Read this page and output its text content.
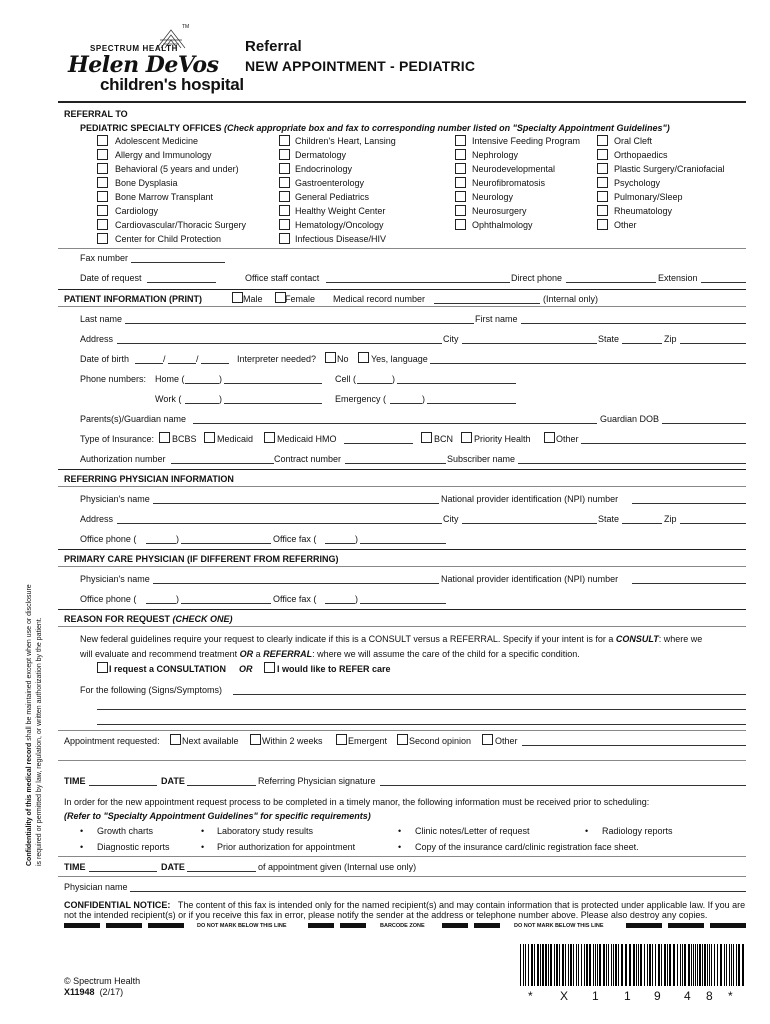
SPECTRUM HEALTH
Helen DeVos
children's hospital
TM
Referral
NEW APPOINTMENT - PEDIATRIC
Confidentiality of this medical record shall be maintained except when use or disclosure is required or permitted by law, regulation, or written authorization by the patient.
REFERRAL TO
PEDIATRIC SPECIALTY OFFICES (Check appropriate box and fax to corresponding number listed on "Specialty Appointment Guidelines")
Adolescent Medicine
Allergy and Immunology
Behavioral (5 years and under)
Bone Dysplasia
Bone Marrow Transplant
Cardiology
Cardiovascular/Thoracic Surgery
Center for Child Protection
Children's Heart, Lansing
Dermatology
Endocrinology
Gastroenterology
General Pediatrics
Healthy Weight Center
Hematology/Oncology
Infectious Disease/HIV
Intensive Feeding Program
Nephrology
Neurodevelopmental
Neurofibromatosis
Neurology
Neurosurgery
Ophthalmology
Oral Cleft
Orthopaedics
Plastic Surgery/Craniofacial
Psychology
Pulmonary/Sleep
Rheumatology
Other
Fax number
Date of request	Office staff contact	Direct phone	Extension
PATIENT INFORMATION (PRINT)	Male Female Medical record number	(Internal only)
Last name	First name
Address	City	State	Zip
Date of birth	/	/	Interpreter needed? No Yes, language
Phone numbers: Home (	)	Cell (	)
Work (	)	Emergency (	)
Parents(s)/Guardian name	Guardian DOB
Type of Insurance: BCBS Medicaid	Medicaid HMO	BCN Priority Health	Other
Authorization number	Contract number	Subscriber name
REFERRING PHYSICIAN INFORMATION
Physician's name	National provider identification (NPI) number
Address	City	State	Zip
Office phone (	)	Office fax (	)
PRIMARY CARE PHYSICIAN (IF DIFFERENT FROM REFERRING)
Physician's name	National provider identification (NPI) number
Office phone (	)	Office fax (	)
REASON FOR REQUEST (CHECK ONE)
New federal guidelines require your request to clearly indicate if this is a CONSULT versus a REFERRAL. Specify if your intent is for a CONSULT: where we
will evaluate and recommend treatment OR a REFERRAL: where we will assume the care of the child for a specific condition.
I request a CONSULTATION OR	I would like to REFER care
For the following (Signs/Symptoms)
Appointment requested: Next available	Within 2 weeks	Emergent Second opinion	Other
TIME	DATE	Referring Physician signature
In order for the new appointment request process to be completed in a timely manor, the following information must be received prior to scheduling:
(Refer to "Specialty Appointment Guidelines" for specific requirements)
• Growth charts	• Laboratory study results	• Clinic notes/Letter of request	• Radiology reports
• Diagnostic reports	• Prior authorization for appointment	• Copy of the insurance card/clinic registration face sheet.
TIME	DATE	of appointment given (Internal use only)
Physician name
CONFIDENTIAL NOTICE: The content of this fax is intended only for the named recipient(s) and may contain information that is protected under applicable law. If you are
not the intended recipient(s) or if you receive this fax in error, please notify the sender at the address or telephone number above. Please also destroy any copies.
DO NOT MARK BELOW THIS LINE	BARCODE ZONE	DO NOT MARK BELOW THIS LINE
© Spectrum Health
X11948 (2/17)	* X 1 1 9 4 8 *
